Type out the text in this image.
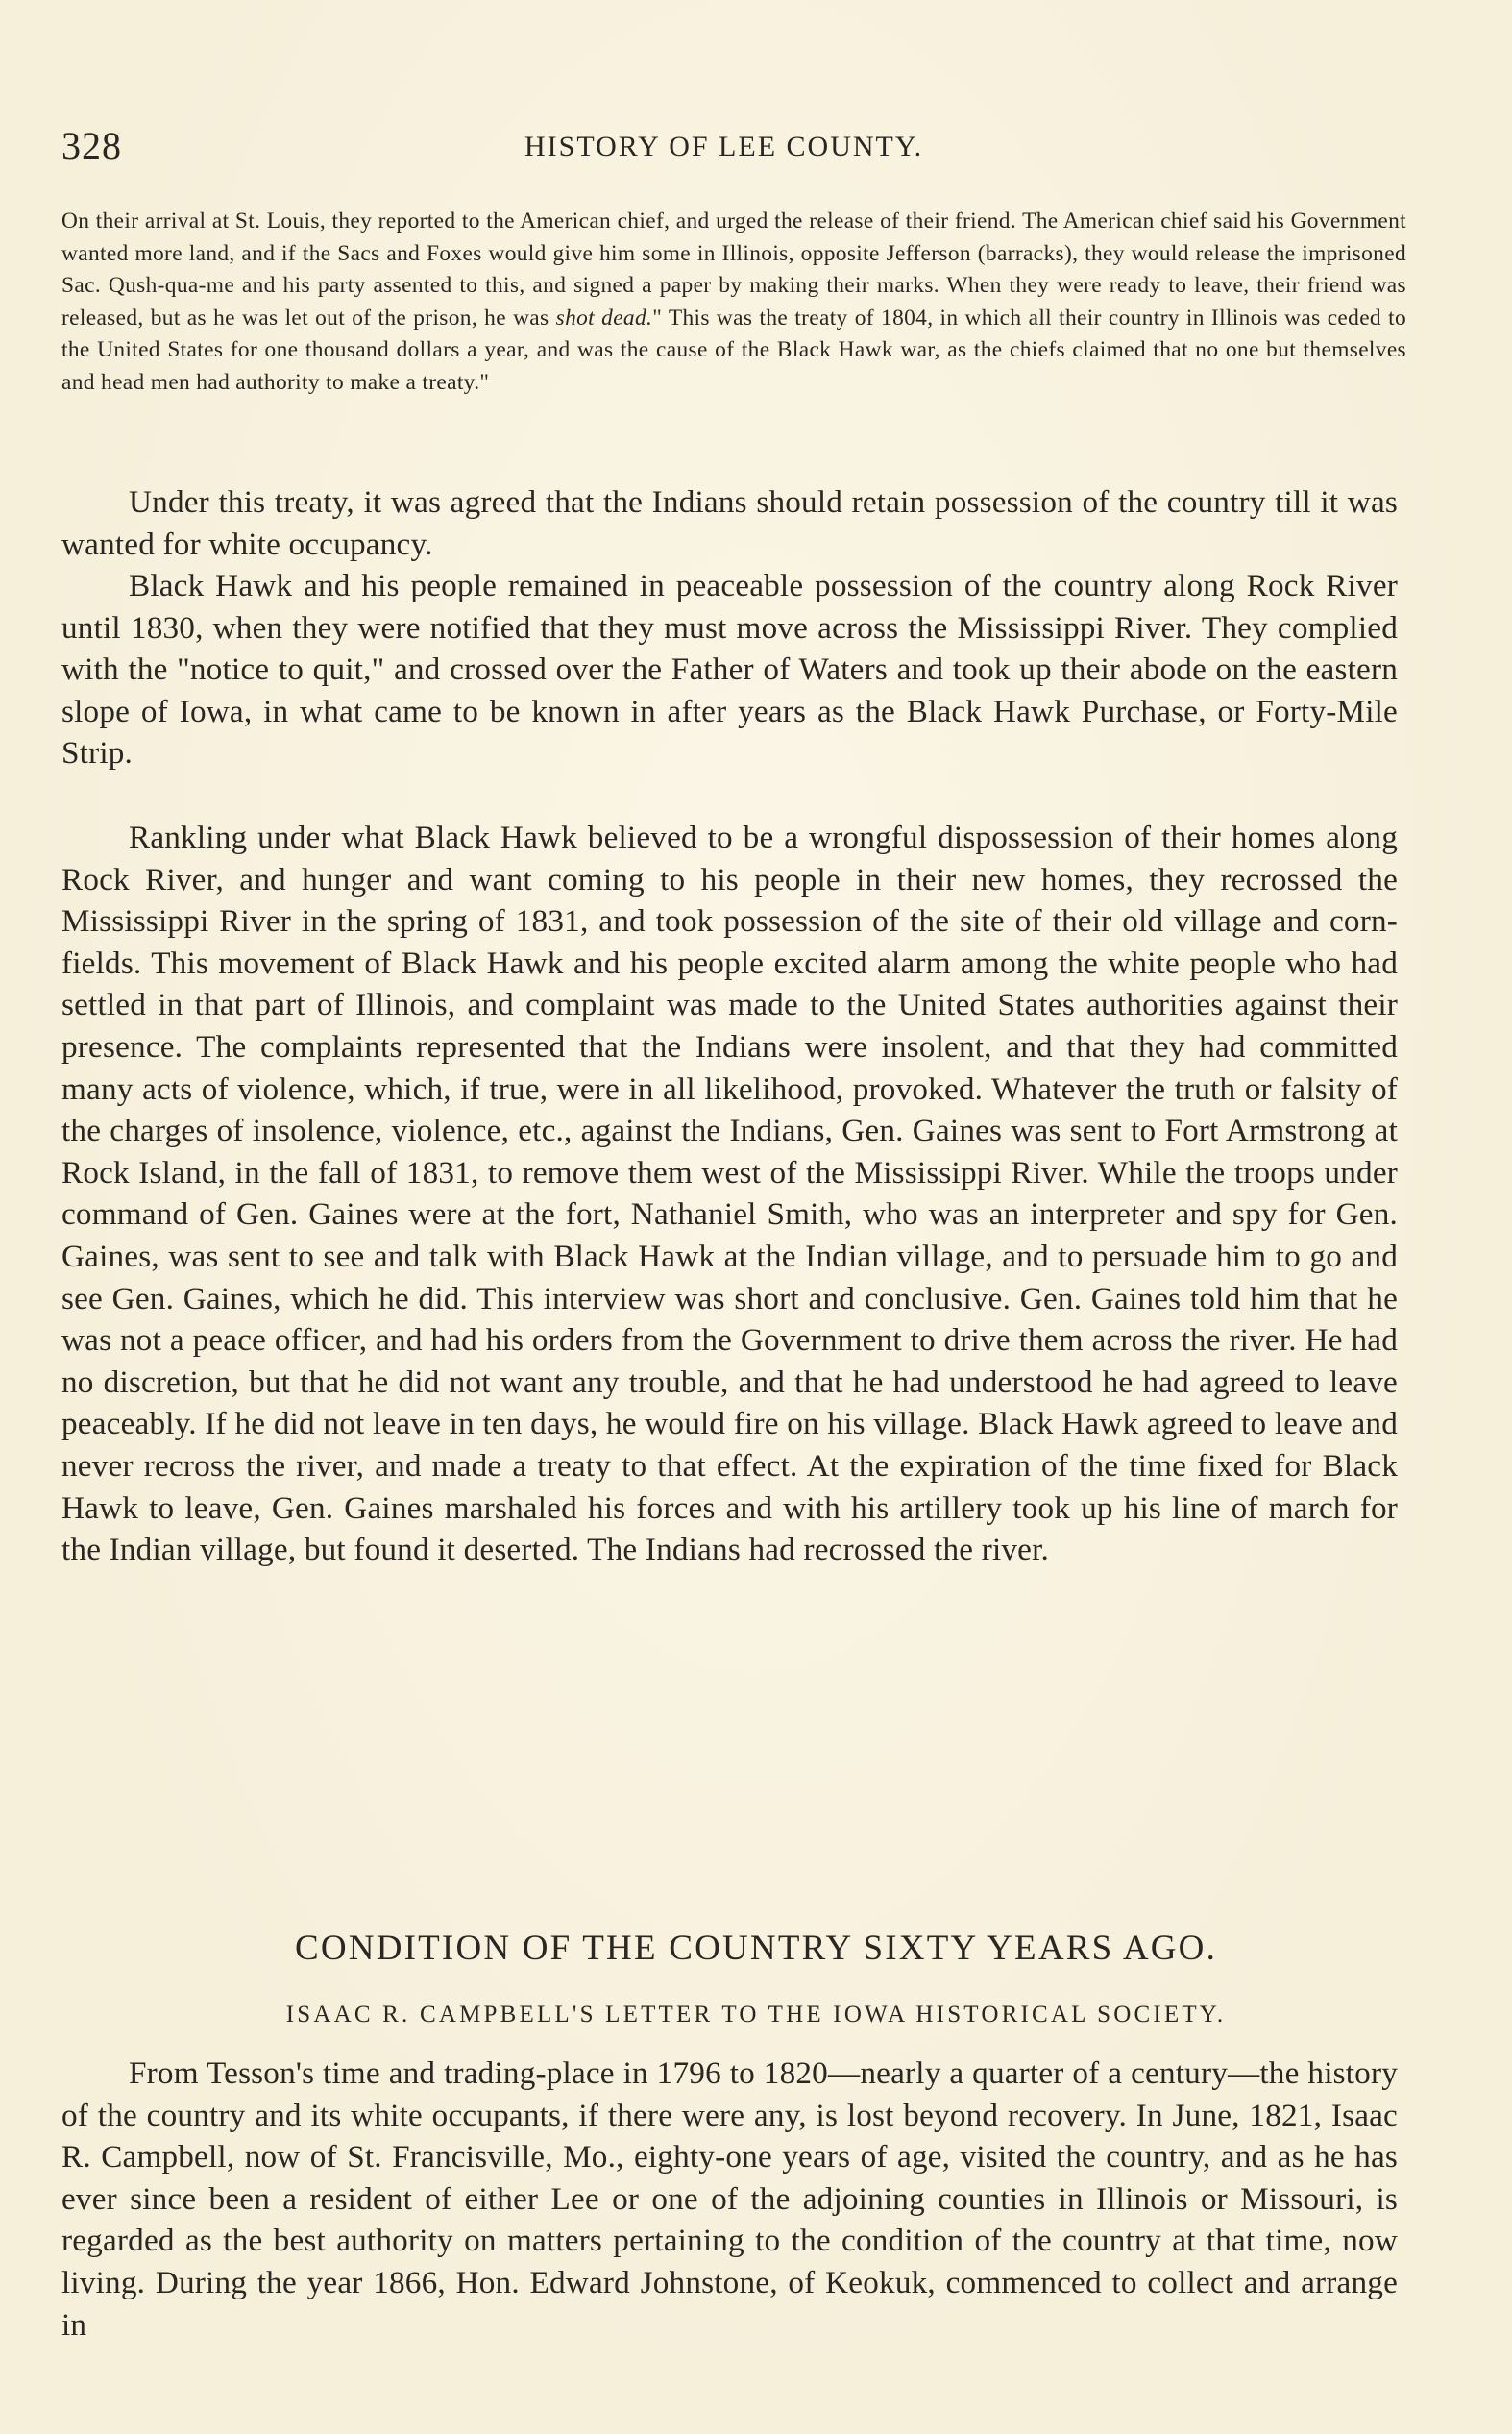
328	HISTORY OF LEE COUNTY.

On their arrival at St. Louis, they reported to the American chief, and urged the release of their friend. The American chief said his Government wanted more land, and if the Sacs and Foxes would give him some in Illinois, opposite Jefferson (barracks), they would release the imprisoned Sac. Qush-qua-me and his party assented to this, and signed a paper by making their marks. When they were ready to leave, their friend was released, but as he was let out of the prison, he was shot dead." This was the treaty of 1804, in which all their country in Illinois was ceded to the United States for one thousand dollars a year, and was the cause of the Black Hawk war, as the chiefs claimed that no one but themselves and head men had authority to make a treaty."

Under this treaty, it was agreed that the Indians should retain possession of the country till it was wanted for white occupancy.

Black Hawk and his people remained in peaceable possession of the country along Rock River until 1830, when they were notified that they must move across the Mississippi River. They complied with the "notice to quit," and crossed over the Father of Waters and took up their abode on the eastern slope of Iowa, in what came to be known in after years as the Black Hawk Purchase, or Forty-Mile Strip.

Rankling under what Black Hawk believed to be a wrongful dispossession of their homes along Rock River, and hunger and want coming to his people in their new homes, they recrossed the Mississippi River in the spring of 1831, and took possession of the site of their old village and corn-fields. This movement of Black Hawk and his people excited alarm among the white people who had settled in that part of Illinois, and complaint was made to the United States authorities against their presence. The complaints represented that the Indians were insolent, and that they had committed many acts of violence, which, if true, were in all likelihood, provoked. Whatever the truth or falsity of the charges of insolence, violence, etc., against the Indians, Gen. Gaines was sent to Fort Armstrong at Rock Island, in the fall of 1831, to remove them west of the Mississippi River. While the troops under command of Gen. Gaines were at the fort, Nathaniel Smith, who was an interpreter and spy for Gen. Gaines, was sent to see and talk with Black Hawk at the Indian village, and to persuade him to go and see Gen. Gaines, which he did. This interview was short and conclusive. Gen. Gaines told him that he was not a peace officer, and had his orders from the Government to drive them across the river. He had no discretion, but that he did not want any trouble, and that he had understood he had agreed to leave peaceably. If he did not leave in ten days, he would fire on his village. Black Hawk agreed to leave and never recross the river, and made a treaty to that effect. At the expiration of the time fixed for Black Hawk to leave, Gen. Gaines marshaled his forces and with his artillery took up his line of march for the Indian village, but found it deserted. The Indians had recrossed the river.

CONDITION OF THE COUNTRY SIXTY YEARS AGO.
ISAAC R. CAMPBELL'S LETTER TO THE IOWA HISTORICAL SOCIETY.

From Tesson's time and trading-place in 1796 to 1820—nearly a quarter of a century—the history of the country and its white occupants, if there were any, is lost beyond recovery. In June, 1821, Isaac R. Campbell, now of St. Francisville, Mo., eighty-one years of age, visited the country, and as he has ever since been a resident of either Lee or one of the adjoining counties in Illinois or Missouri, is regarded as the best authority on matters pertaining to the condition of the country at that time, now living. During the year 1866, Hon. Edward Johnstone, of Keokuk, commenced to collect and arrange in
